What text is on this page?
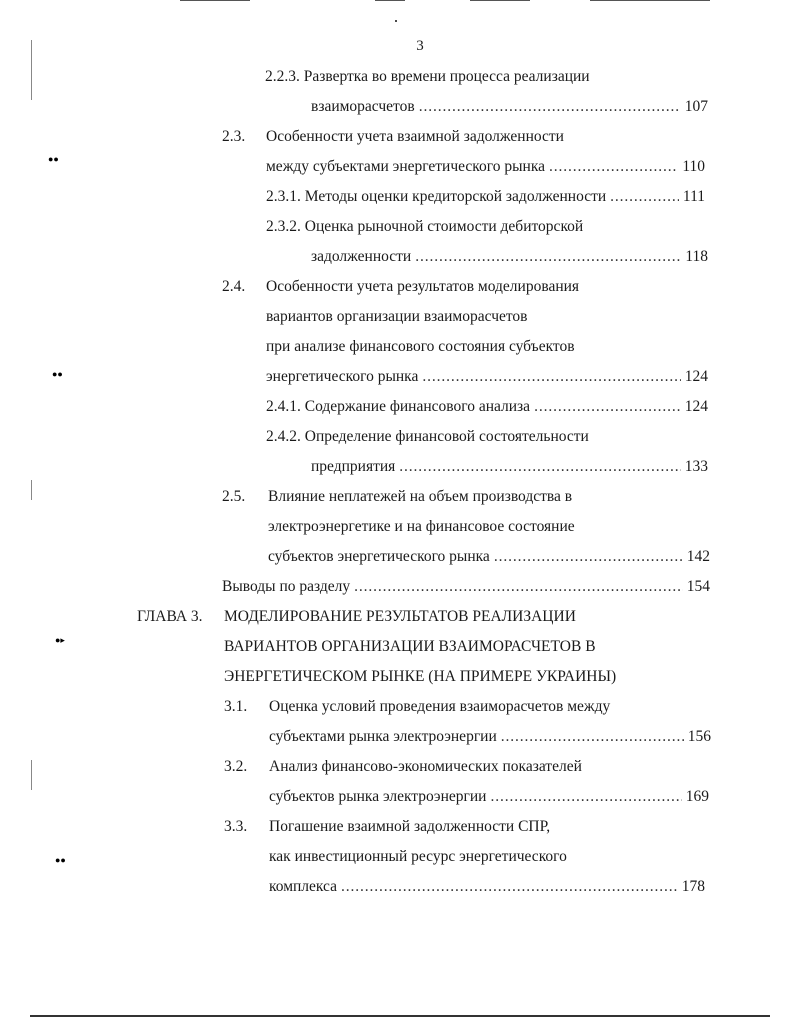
●●
●●
●▸
●●
3
2.2.3. Развертка во времени процесса реализации
взаиморасчетов . . .	107
2.3. Особенности учета взаимной задолженности
между субъектами энергетического рынка . . .	110
2.3.1. Методы оценки кредиторской задолженности . . .	111
2.3.2. Оценка рыночной стоимости дебиторской
задолженности . . .	118
2.4. Особенности учета результатов моделирования
вариантов организации взаиморасчетов
при анализе финансового состояния субъектов
энергетического рынка . . .	124
2.4.1. Содержание финансового анализа . . .	124
2.4.2. Определение финансовой состоятельности
предприятия . . .	133
2.5. Влияние неплатежей на объем производства в
электроэнергетике и на финансовое состояние
субъектов энергетического рынка . . .	142
Выводы по разделу . . .	154
ГЛАВА 3. МОДЕЛИРОВАНИЕ РЕЗУЛЬТАТОВ РЕАЛИЗАЦИИ
ВАРИАНТОВ ОРГАНИЗАЦИИ ВЗАИМОРАСЧЕТОВ В
ЭНЕРГЕТИЧЕСКОМ РЫНКЕ (НА ПРИМЕРЕ УКРАИНЫ)
3.1. Оценка условий проведения взаиморасчетов между
субъектами рынка электроэнергии . . .	156
3.2. Анализ финансово-экономических показателей
субъектов рынка электроэнергии . . .	169
3.3. Погашение взаимной задолженности СПР,
как инвестиционный ресурс энергетического
комплекса . . .	178
